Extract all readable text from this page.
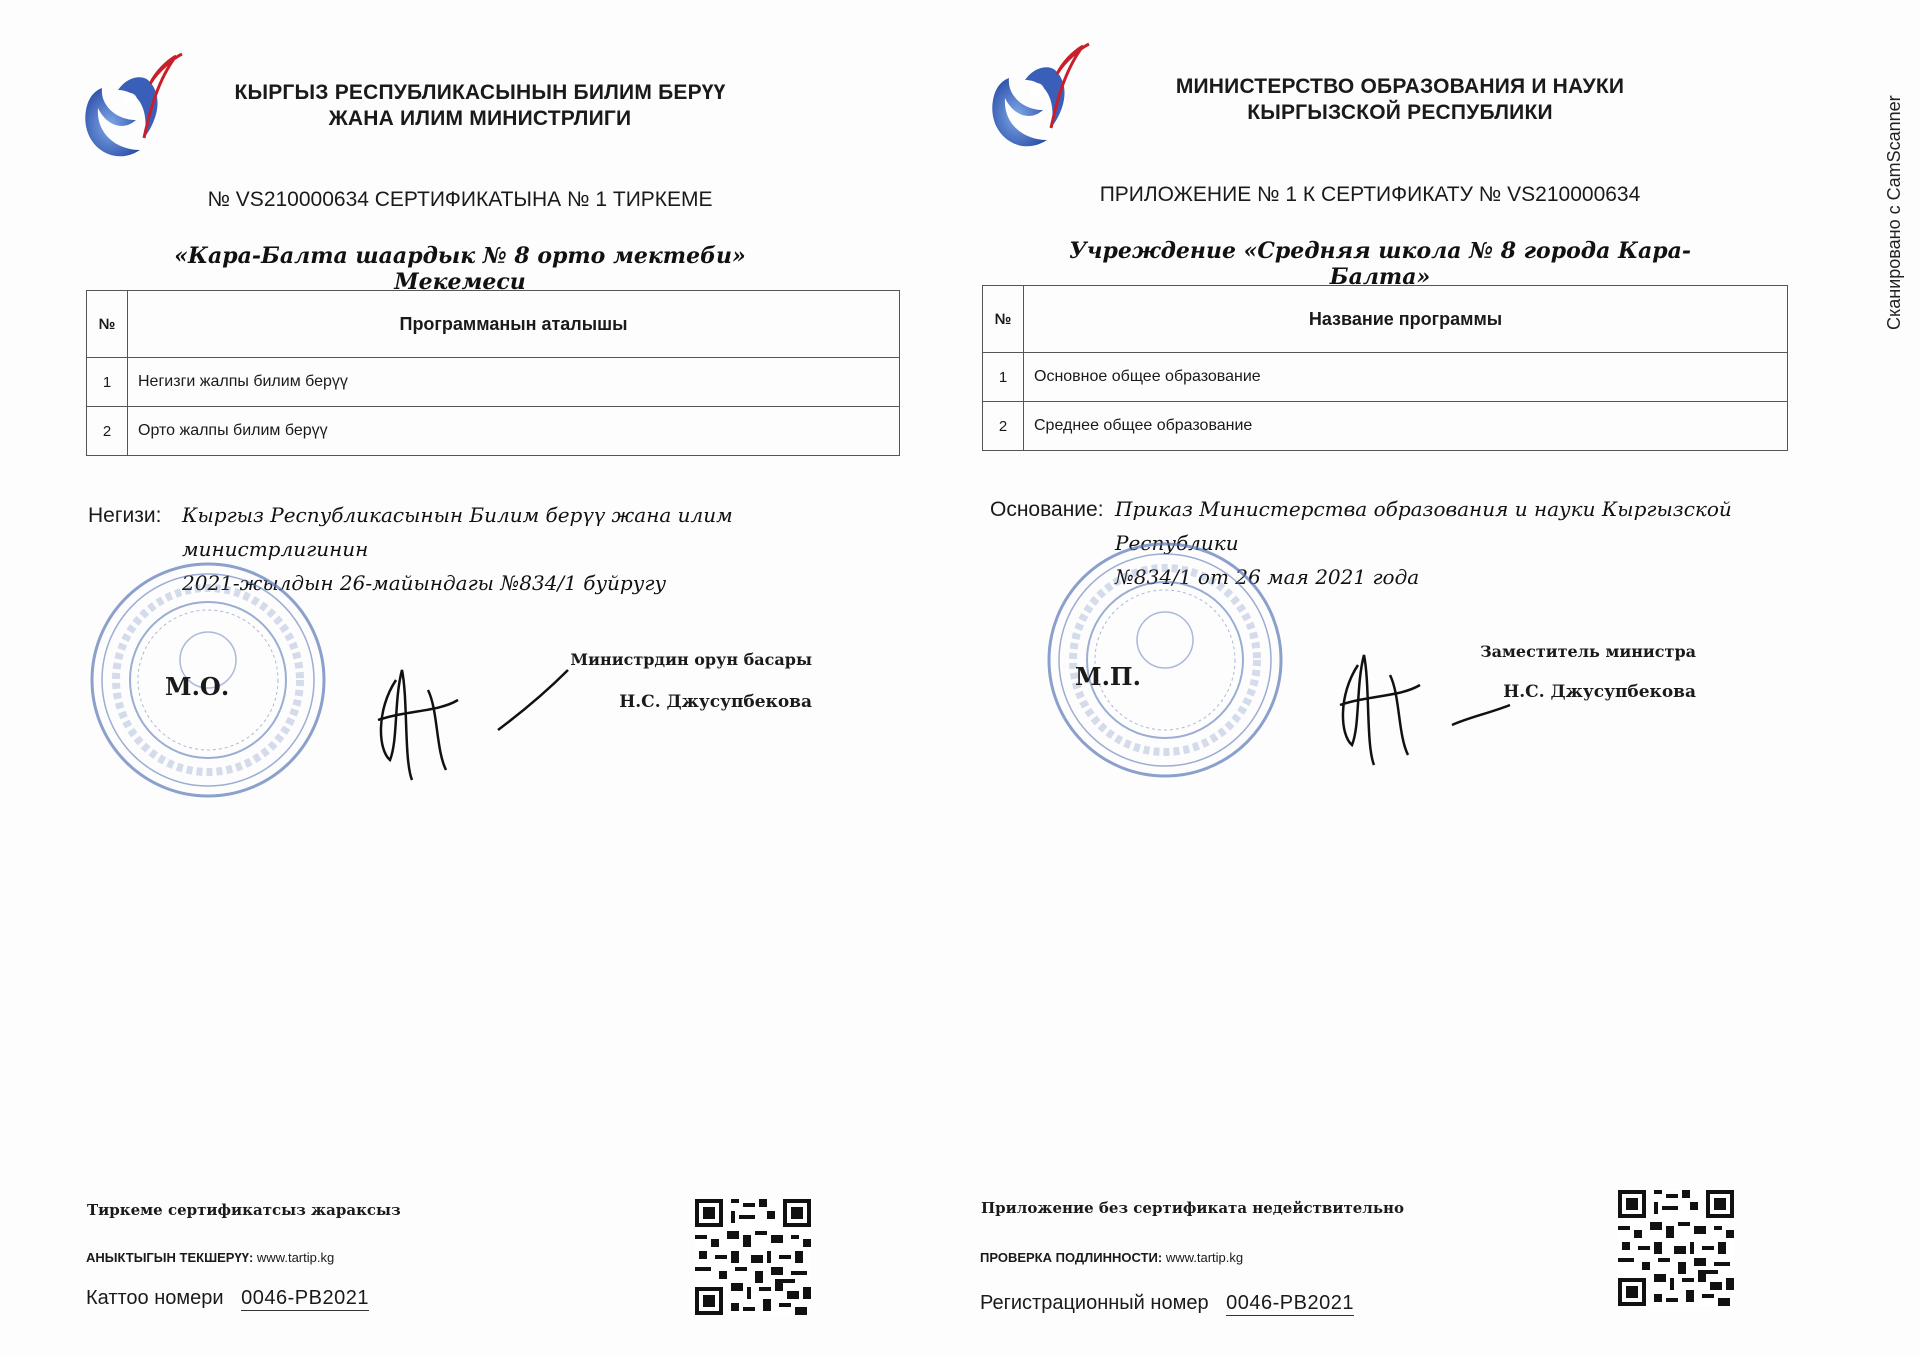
КЫРГЫЗ РЕСПУБЛИКАСЫНЫН БИЛИМ БЕРҮҮ
ЖАНА ИЛИМ МИНИСТРЛИГИ
№ VS210000634 СЕРТИФИКАТЫНА № 1 ТИРКЕМЕ
«Кара-Балта шаардык № 8 орто мектеби» Мекемеси
№	Программанын аталышы
1	Негизги жалпы билим берүү
2	Орто жалпы билим берүү
Негизи: Кыргыз Республикасынын Билим берүү жана илим министрлигинин
2021-жылдын 26-майындагы №834/1 буйругу
М.О.
Министрдин орун басары
Н.С. Джусупбекова
Тиркеме сертификатсыз жараксыз
АНЫКТЫГЫН ТЕКШЕРҮҮ: www.tartip.kg
Каттоо номери 0046-РВ2021
МИНИСТЕРСТВО ОБРАЗОВАНИЯ И НАУКИ
КЫРГЫЗСКОЙ РЕСПУБЛИКИ
ПРИЛОЖЕНИЕ № 1 К СЕРТИФИКАТУ № VS210000634
Учреждение «Средняя школа № 8 города Кара-Балта»
№	Название программы
1	Основное общее образование
2	Среднее общее образование
Основание: Приказ Министерства образования и науки Кыргызской Республики
№834/1 от 26 мая 2021 года
М.П.
Заместитель министра
Н.С. Джусупбекова
Приложение без сертификата недействительно
ПРОВЕРКА ПОДЛИННОСТИ: www.tartip.kg
Регистрационный номер 0046-РВ2021
Сканировано с CamScanner
